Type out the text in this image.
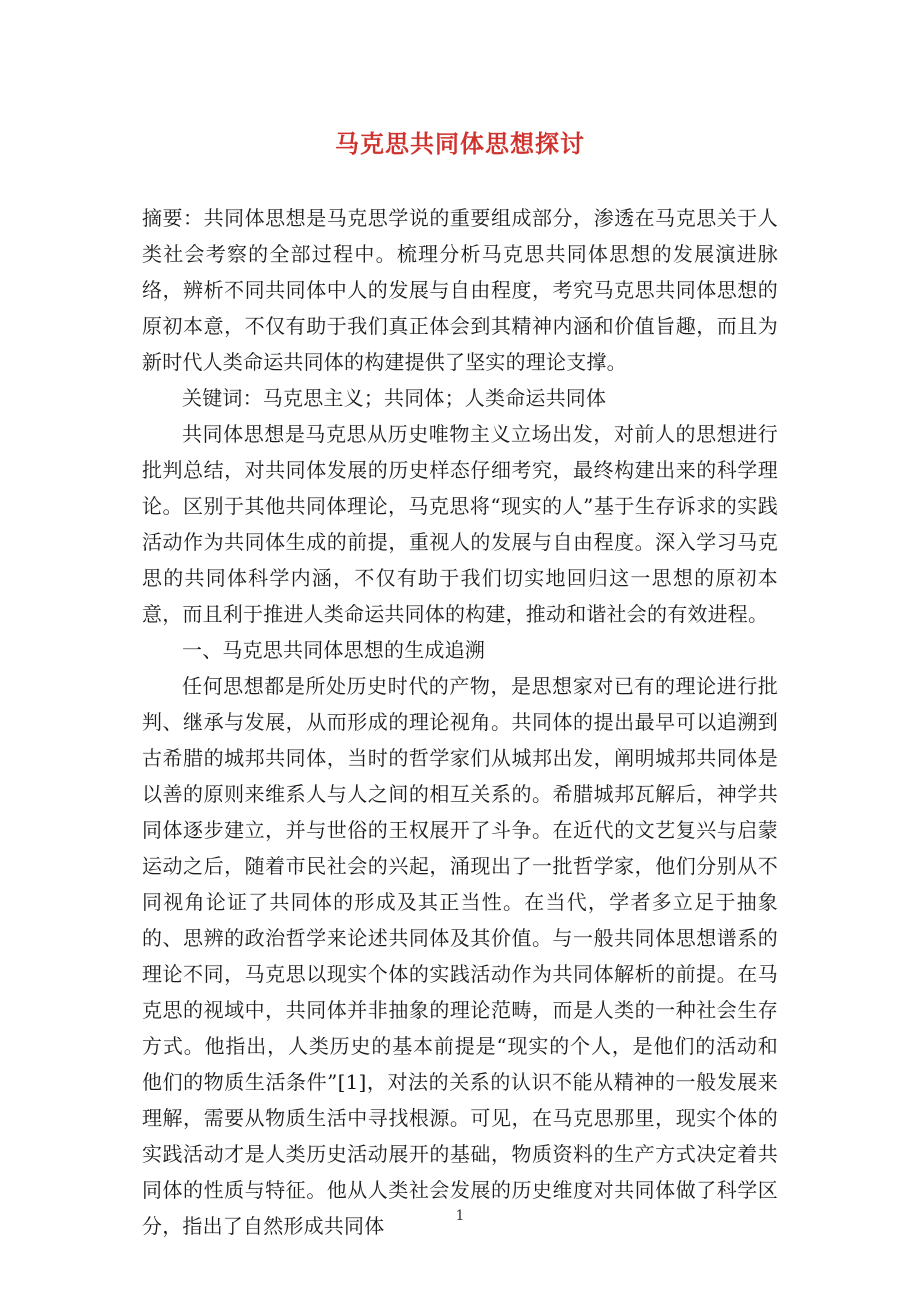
马克思共同体思想探讨

摘要：共同体思想是马克思学说的重要组成部分，渗透在马克思关于人类社会考察的全部过程中。梳理分析马克思共同体思想的发展演进脉络，辨析不同共同体中人的发展与自由程度，考究马克思共同体思想的原初本意，不仅有助于我们真正体会到其精神内涵和价值旨趣，而且为新时代人类命运共同体的构建提供了坚实的理论支撑。

关键词：马克思主义；共同体；人类命运共同体

共同体思想是马克思从历史唯物主义立场出发，对前人的思想进行批判总结，对共同体发展的历史样态仔细考究，最终构建出来的科学理论。区别于其他共同体理论，马克思将“现实的人”基于生存诉求的实践活动作为共同体生成的前提，重视人的发展与自由程度。深入学习马克思的共同体科学内涵，不仅有助于我们切实地回归这一思想的原初本意，而且利于推进人类命运共同体的构建，推动和谐社会的有效进程。

一、马克思共同体思想的生成追溯

任何思想都是所处历史时代的产物，是思想家对已有的理论进行批判、继承与发展，从而形成的理论视角。共同体的提出最早可以追溯到古希腊的城邦共同体，当时的哲学家们从城邦出发，阐明城邦共同体是以善的原则来维系人与人之间的相互关系的。希腊城邦瓦解后，神学共同体逐步建立，并与世俗的王权展开了斗争。在近代的文艺复兴与启蒙运动之后，随着市民社会的兴起，涌现出了一批哲学家，他们分别从不同视角论证了共同体的形成及其正当性。在当代，学者多立足于抽象的、思辨的政治哲学来论述共同体及其价值。与一般共同体思想谱系的理论不同，马克思以现实个体的实践活动作为共同体解析的前提。在马克思的视域中，共同体并非抽象的理论范畴，而是人类的一种社会生存方式。他指出，人类历史的基本前提是“现实的个人，是他们的活动和他们的物质生活条件”[1]，对法的关系的认识不能从精神的一般发展来理解，需要从物质生活中寻找根源。可见，在马克思那里，现实个体的实践活动才是人类历史活动展开的基础，物质资料的生产方式决定着共同体的性质与特征。他从人类社会发展的历史维度对共同体做了科学区分，指出了自然形成共同体	1
